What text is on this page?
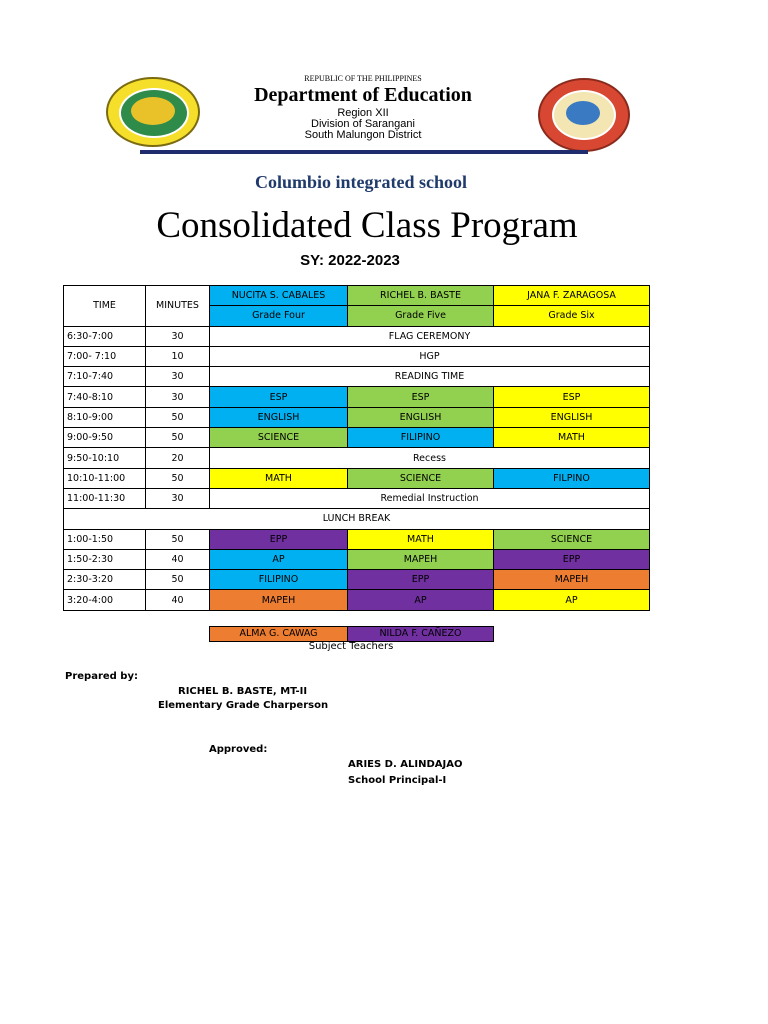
REPUBLIC OF THE PHILIPPINES
Department of Education
Region XII
Division of Sarangani
South Malungon District
Columbio integrated school
Consolidated Class Program
SY: 2022-2023
TIME	MINUTES	NUCITA S. CABALES	RICHEL B. BASTE	JANA F. ZARAGOSA
		Grade Four	Grade Five	Grade Six
6:30-7:00	30	FLAG CEREMONY		
7:00- 7:10	10	HGP		
7:10-7:40	30	READING TIME		
7:40-8:10	30	ESP	ESP	ESP
8:10-9:00	50	ENGLISH	ENGLISH	ENGLISH
9:00-9:50	50	SCIENCE	FILIPINO	MATH
9:50-10:10	20	Recess		
10:10-11:00	50	MATH	SCIENCE	FILPINO
11:00-11:30	30	Remedial Instruction		
LUNCH BREAK				
1:00-1:50	50	EPP	MATH	SCIENCE
1:50-2:30	40	AP	MAPEH	EPP
2:30-3:20	50	FILIPINO	EPP	MAPEH
3:20-4:00	40	MAPEH	AP	AP
ALMA G. CAWAG	NILDA F. CAÑEZO
Subject Teachers
Prepared by:
RICHEL B. BASTE, MT-II
Elementary Grade Charperson
Approved:
ARIES D. ALINDAJAO
School Principal-I
